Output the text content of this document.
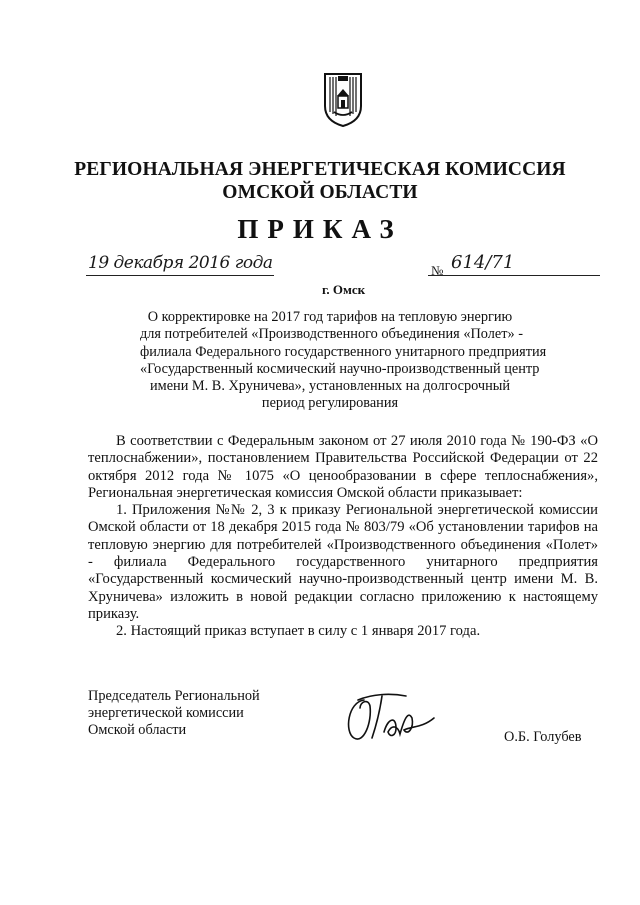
РЕГИОНАЛЬНАЯ ЭНЕРГЕТИЧЕСКАЯ КОМИССИЯ
ОМСКОЙ ОБЛАСТИ
ПРИКАЗ
19 декабря 2016 года
г. Омск
№ 614/71
О корректировке на 2017 год тарифов на тепловую энергию
для потребителей «Производственного объединения «Полет» -
филиала Федерального государственного унитарного предприятия
«Государственный космический научно-производственный центр
имени М. В. Хруничева», установленных на долгосрочный
период регулирования

В соответствии с Федеральным законом от 27 июля 2010 года № 190-ФЗ «О теплоснабжении», постановлением Правительства Российской Федерации от 22 октября 2012 года № 1075 «О ценообразовании в сфере теплоснабжения», Региональная энергетическая комиссия Омской области приказывает:

1. Приложения №№ 2, 3 к приказу Региональной энергетической комиссии Омской области от 18 декабря 2015 года № 803/79 «Об установлении тарифов на тепловую энергию для потребителей «Производственного объединения «Полет» - филиала Федерального государственного унитарного предприятия «Государственный космический научно-производственный центр имени М. В. Хруничева» изложить в новой редакции согласно приложению к настоящему приказу.

2. Настоящий приказ вступает в силу с 1 января 2017 года.

Председатель Региональной
энергетической комиссии
Омской области	О.Б. Голубев
